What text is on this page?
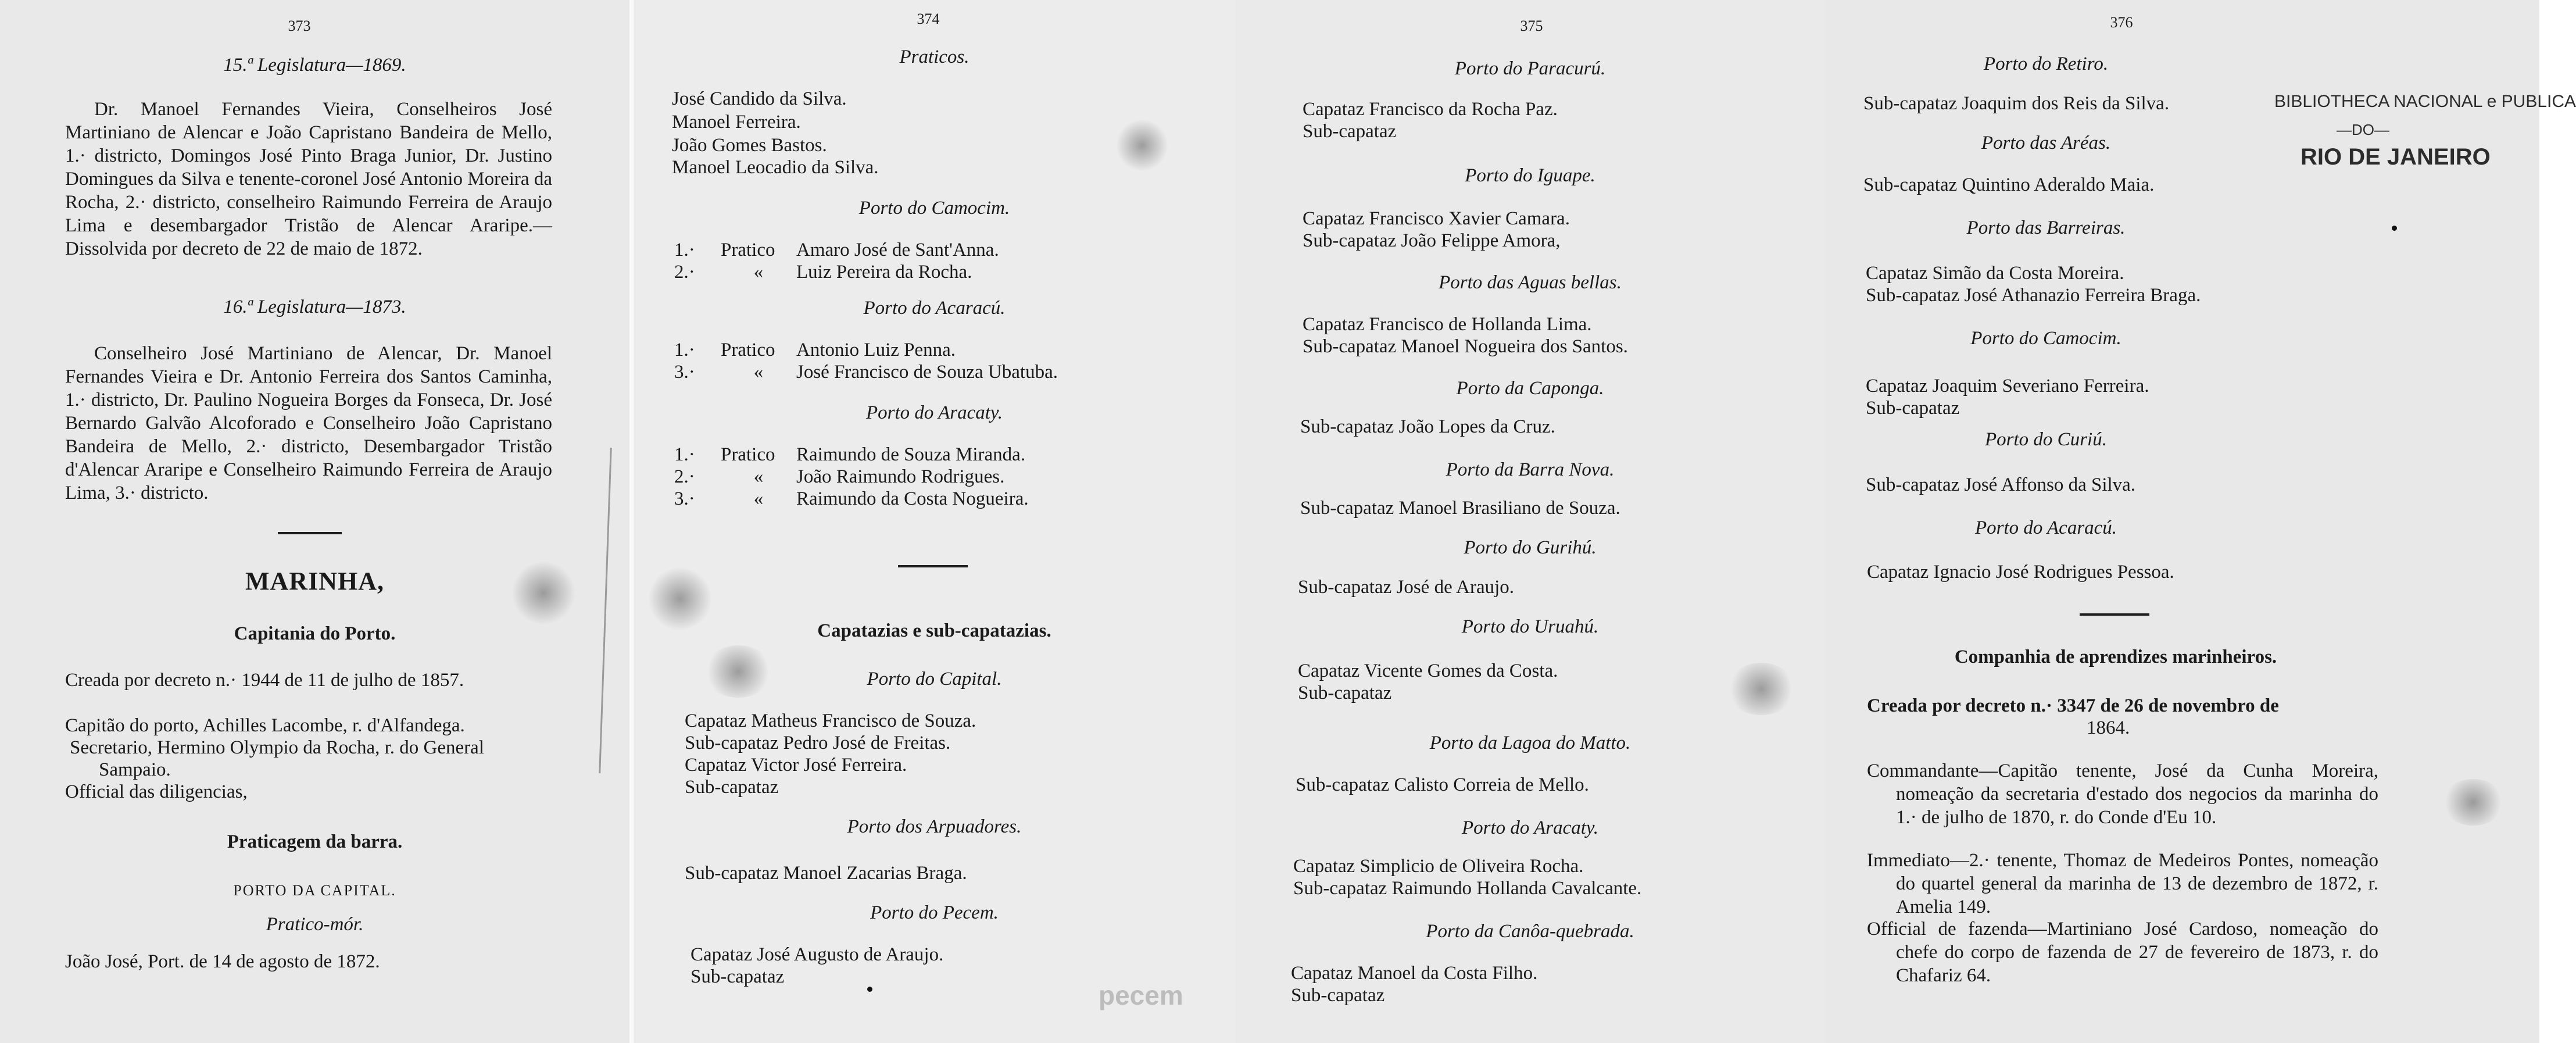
373
15.ª Legislatura—1869.
Dr. Manoel Fernandes Vieira, Conselheiros José Martiniano de Alencar e João Capristano Bandeira de Mello, 1.· districto, Domingos José Pinto Braga Junior, Dr. Justino Domingues da Silva e tenente-coronel José Antonio Moreira da Rocha, 2.· districto, conselheiro Raimundo Ferreira de Araujo Lima e desembargador Tristão de Alencar Araripe.—Dissolvida por decreto de 22 de maio de 1872.
16.ª Legislatura—1873.
Conselheiro José Martiniano de Alencar, Dr. Manoel Fernandes Vieira e Dr. Antonio Ferreira dos Santos Caminha, 1.· districto, Dr. Paulino Nogueira Borges da Fonseca, Dr. José Bernardo Galvão Alcoforado e Conselheiro João Capristano Bandeira de Mello, 2.· districto, Desembargador Tristão d'Alencar Araripe e Conselheiro Raimundo Ferreira de Araujo Lima, 3.· districto.
MARINHA,
Capitania do Porto.
Creada por decreto n.· 1944 de 11 de julho de 1857.
Capitão do porto, Achilles Lacombe, r. d'Alfandega.
Secretario, Hermino Olympio da Rocha, r. do General
Sampaio.
Official das diligencias,
Praticagem da barra.
PORTO DA CAPITAL.
Pratico-mór.
João José, Port. de 14 de agosto de 1872.
374
Praticos.
José Candido da Silva.
Manoel Ferreira.
João Gomes Bastos.
Manoel Leocadio da Silva.
Porto do Camocim.
1.· Pratico Amaro José de Sant'Anna.
2.·	« Luiz Pereira da Rocha.
Porto do Acaracú.
1.· Pratico Antonio Luiz Penna.
3.·	« José Francisco de Souza Ubatuba.
Porto do Aracaty.
1.· Pratico Raimundo de Souza Miranda.
2.·	« João Raimundo Rodrigues.
3.·	« Raimundo da Costa Nogueira.
Capatazias e sub-capatazias.
Porto do Capital.
Capataz Matheus Francisco de Souza.
Sub-capataz Pedro José de Freitas.
Capataz Victor José Ferreira.
Sub-capataz
Porto dos Arpuadores.
Sub-capataz Manoel Zacarias Braga.
Porto do Pecem.
Capataz José Augusto de Araujo.
Sub-capataz
pecem
375
Porto do Paracurú.
Capataz Francisco da Rocha Paz.
Sub-capataz
Porto do Iguape.
Capataz Francisco Xavier Camara.
Sub-capataz João Felippe Amora,
Porto das Aguas bellas.
Capataz Francisco de Hollanda Lima.
Sub-capataz Manoel Nogueira dos Santos.
Porto da Caponga.
Sub-capataz João Lopes da Cruz.
Porto da Barra Nova.
Sub-capataz Manoel Brasiliano de Souza.
Porto do Gurihú.
Sub-capataz José de Araujo.
Porto do Uruahú.
Capataz Vicente Gomes da Costa.
Sub-capataz
Porto da Lagoa do Matto.
Sub-capataz Calisto Correia de Mello.
Porto do Aracaty.
Capataz Simplicio de Oliveira Rocha.
Sub-capataz Raimundo Hollanda Cavalcante.
Porto da Canôa-quebrada.
Capataz Manoel da Costa Filho.
Sub-capataz
376
BIBLIOTHECA NACIONAL e PUBLICA
—DO—
RIO DE JANEIRO
Porto do Retiro.
Sub-capataz Joaquim dos Reis da Silva.
Porto das Aréas.
Sub-capataz Quintino Aderaldo Maia.
Porto das Barreiras.
Capataz Simão da Costa Moreira.
Sub-capataz José Athanazio Ferreira Braga.
Porto do Camocim.
Capataz Joaquim Severiano Ferreira.
Sub-capataz
Porto do Curiú.
Sub-capataz José Affonso da Silva.
Porto do Acaracú.
Capataz Ignacio José Rodrigues Pessoa.
Companhia de aprendizes marinheiros.
Creada por decreto n.· 3347 de 26 de novembro de
1864.

Commandante—Capitão tenente, José da Cunha Moreira, nomeação da secretaria d'estado dos negocios da marinha do 1.· de julho de 1870, r. do Conde d'Eu 10.

Immediato—2.· tenente, Thomaz de Medeiros Pontes, nomeação do quartel general da marinha de 13 de dezembro de 1872, r. Amelia 149.

Official de fazenda—Martiniano José Cardoso, nomeação do chefe do corpo de fazenda de 27 de fevereiro de 1873, r. do Chafariz 64.
